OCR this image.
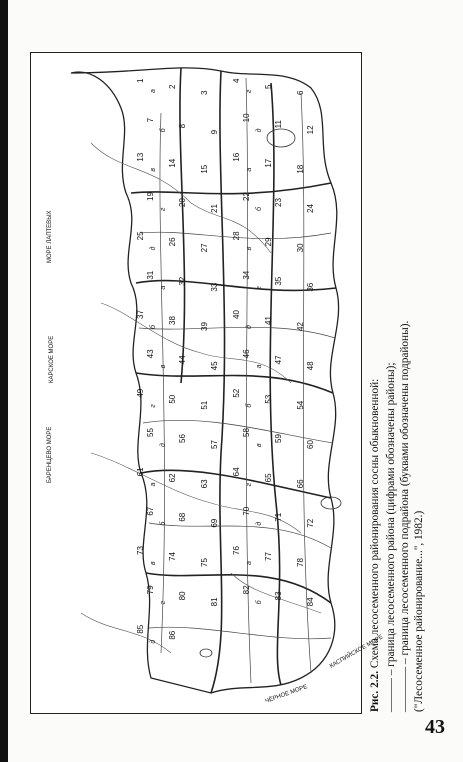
МОРЕ ЛАПТЕВЫХ
КАРСКОЕ МОРЕ
БАРЕНЦЕВО МОРЕ
ЧЁРНОЕ МОРЕ
КАСПИЙСКОЕ МОРЕ
1
а
2
3
4
г
5
6
7
б
8
9
10
д
11
12
13
в
14
15
16
а
17
18
19
г
20
21
22
б
23
24
25
д
26
27
28
в
29
30
31
а
32
33
34
г
35
36
37
б
38
39
40
д
41
42
43
в
44
45
46
а
47
48
49
г
50
51
52
б
53
54
55
д
56
57
58
в
59
60
61
а
62
63
64
г
65
66
67
б
68
69
70
д
71
72
73
в
74
75
76
а
77
78
79
г
80
81
82
б
83
84
85
д
86
Рис. 2.2. Схема лесосеменного районирования сосны обыкновенной: ——— – граница лесосеменного района (цифрами обозначены районы); ———— – граница лесосеменного подрайона (буквами обозначены подрайоны). ("Лесосеменное районирование...", 1982.)
43
